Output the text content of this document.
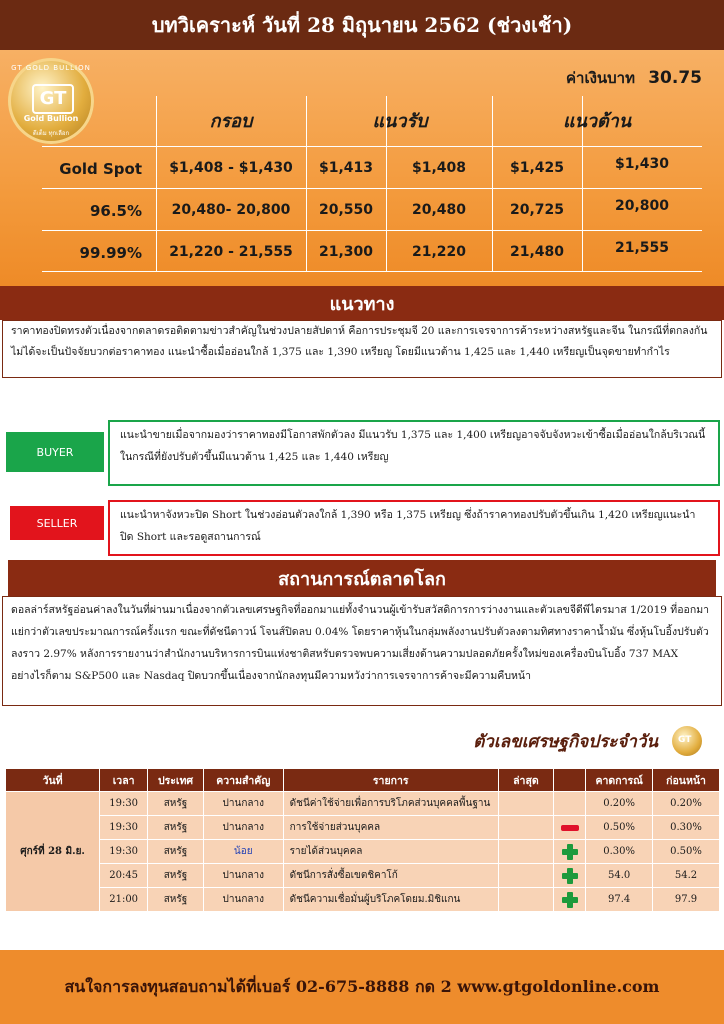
บทวิเคราะห์ วันที่ 28 มิถุนายน 2562 (ช่วงเช้า)
GT GOLD BULLION
GT
Gold Bullion
ดีเต็ม ทุกเลือก
ค่าเงินบาท 30.75
กรอบ	แนวรับ	แนวต้าน
Gold Spot	$1,408 - $1,430	$1,413	$1,408	$1,425	$1,430
96.5%	20,480- 20,800	20,550	20,480	20,725	20,800
99.99%	21,220 - 21,555	21,300	21,220	21,480	21,555
แนวทาง
ราคาทองปิดทรงตัวเนื่องจากตลาดรอติดตามข่าวสำคัญในช่วงปลายสัปดาห์ คือการประชุมจี 20 และการเจรจาการค้าระหว่างสหรัฐและจีน ในกรณีที่ตกลงกันไม่ได้จะเป็นปัจจัยบวกต่อราคาทอง แนะนำซื้อเมื่ออ่อนใกล้ 1,375 และ 1,390 เหรียญ โดยมีแนวต้าน 1,425 และ 1,440 เหรียญเป็นจุดขายทำกำไร
BUYER
แนะนำขายเมื่อจากมองว่าราคาทองมีโอกาสพักตัวลง มีแนวรับ 1,375 และ 1,400 เหรียญอาจจับจังหวะเข้าซื้อเมื่ออ่อนใกล้บริเวณนี้ ในกรณีที่ยังปรับตัวขึ้นมีแนวต้าน 1,425 และ 1,440 เหรียญ
SELLER
แนะนำหาจังหวะปิด Short ในช่วงอ่อนตัวลงใกล้ 1,390 หรือ 1,375 เหรียญ ซึ่งถ้าราคาทองปรับตัวขึ้นเกิน 1,420 เหรียญแนะนำปิด Short และรอดูสถานการณ์
สถานการณ์ตลาดโลก
ดอลล่าร์สหรัฐอ่อนค่าลงในวันที่ผ่านมาเนื่องจากตัวเลขเศรษฐกิจที่ออกมาแย่ทั้งจำนวนผู้เข้ารับสวัสดิการการว่างงานและตัวเลขจีดีพีไตรมาส 1/2019 ที่ออกมาแย่กว่าตัวเลขประมาณการณ์ครั้งแรก ขณะที่ดัชนีดาวน์ โจนส์ปิดลบ 0.04% โดยราคาหุ้นในกลุ่มพลังงานปรับตัวลงตามทิศทางราคาน้ำมัน ซึ่งหุ้นโบอิ้งปรับตัวลงราว 2.97% หลังการรายงานว่าสำนักงานบริหารการบินแห่งชาติสหรับตรวจพบความเสี่ยงด้านความปลอดภัยครั้งใหม่ของเครื่องบินโบอิ้ง 737 MAX อย่างไรก็ตาม S&P500 และ Nasdaq ปิดบวกขึ้นเนื่องจากนักลงทุนมีความหวังว่าการเจรจาการค้าจะมีความคืบหน้า
ตัวเลขเศรษฐกิจประจำวัน GT
วันที่	เวลา	ประเทศ	ความสำคัญ	รายการ	ล่าสุด		คาดการณ์	ก่อนหน้า
ศุกร์ที่ 28 มิ.ย.	19:30	สหรัฐ	ปานกลาง	ดัชนีค่าใช้จ่ายเพื่อการบริโภคส่วนบุคคลพื้นฐาน			0.20%	0.20%
	19:30	สหรัฐ	ปานกลาง	การใช้จ่ายส่วนบุคคล			0.50%	0.30%
	19:30	สหรัฐ	น้อย	รายได้ส่วนบุคคล			0.30%	0.50%
	20:45	สหรัฐ	ปานกลาง	ดัชนีการสั่งซื้อเขตชิคาโก้			54.0	54.2
	21:00	สหรัฐ	ปานกลาง	ดัชนีความเชื่อมั่นผู้บริโภคโดยม.มิชิแกน			97.4	97.9
สนใจการลงทุนสอบถามได้ที่เบอร์ 02-675-8888 กด 2 www.gtgoldonline.com
